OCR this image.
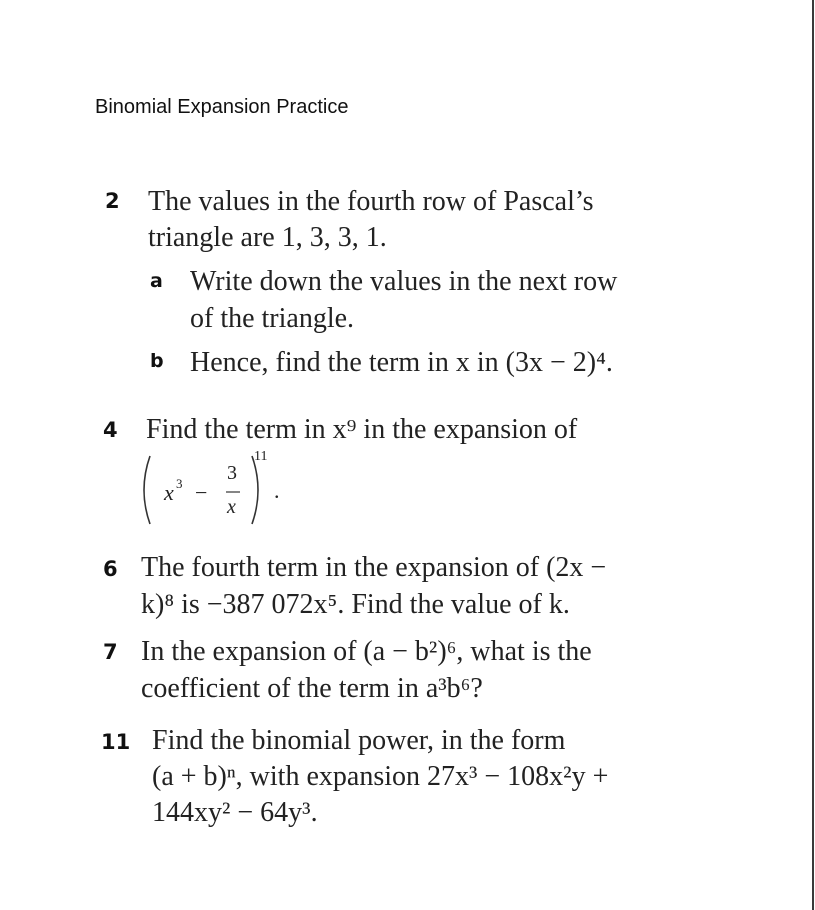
Binomial Expansion Practice
2 The values in the fourth row of Pascal’s
triangle are 1, 3, 3, 1.
a Write down the values in the next row
of the triangle.
b Hence, find the term in x in (3x − 2)⁴.
4 Find the term in x⁹ in the expansion of
x 3 −
3
x
11
.
6 The fourth term in the expansion of (2x −
k)⁸ is −387 072x⁵. Find the value of k.
7 In the expansion of (a − b²)⁶, what is the
coefficient of the term in a³b⁶?
11 Find the binomial power, in the form
(a + b)ⁿ, with expansion 27x³ − 108x²y +
144xy² − 64y³.
